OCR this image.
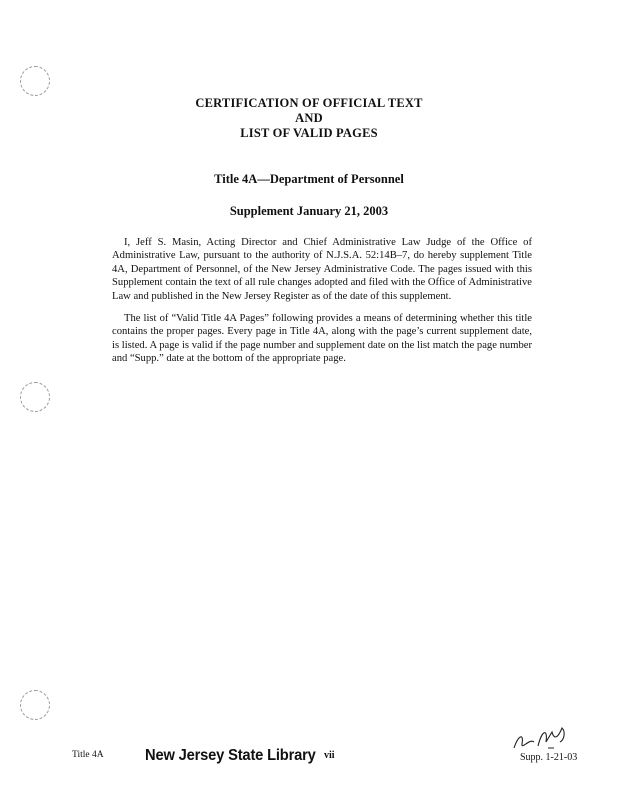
CERTIFICATION OF OFFICIAL TEXT
AND
LIST OF VALID PAGES
Title 4A—Department of Personnel
Supplement January 21, 2003
I, Jeff S. Masin, Acting Director and Chief Administrative Law Judge of the Office of Administrative Law, pursuant to the authority of N.J.S.A. 52:14B–7, do hereby supplement Title 4A, Department of Personnel, of the New Jersey Administrative Code. The pages issued with this Supplement contain the text of all rule changes adopted and filed with the Office of Administrative Law and published in the New Jersey Register as of the date of this supplement.
The list of “Valid Title 4A Pages” following provides a means of determining whether this title contains the proper pages. Every page in Title 4A, along with the page’s current supplement date, is listed. A page is valid if the page number and supplement date on the list match the page number and “Supp.” date at the bottom of the appropriate page.
Title 4A	New Jersey State Library vii	Supp. 1-21-03
